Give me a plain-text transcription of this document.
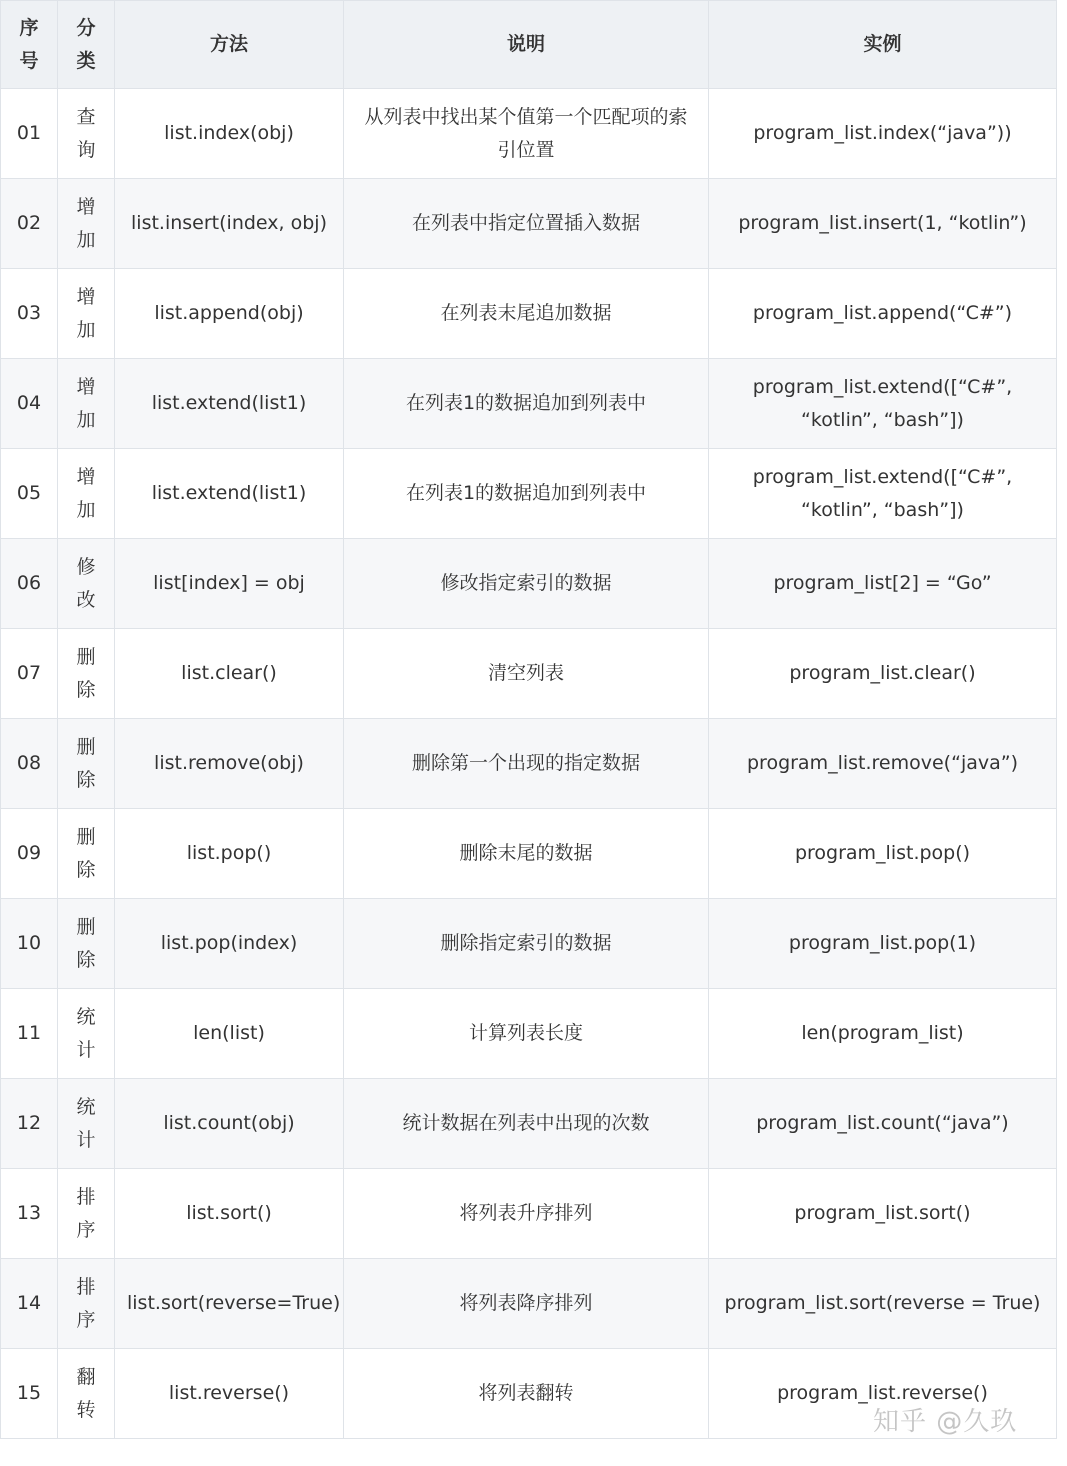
序号	分类	方法	说明	实例
01	查询	list.index(obj)	从列表中找出某个值第一个匹配项的索引位置	program_list.index(“java”))
02	增加	list.insert(index, obj)	在列表中指定位置插入数据	program_list.insert(1, “kotlin”)
03	增加	list.append(obj)	在列表末尾追加数据	program_list.append(“C#”)
04	增加	list.extend(list1)	在列表1的数据追加到列表中	program_list.extend([“C#”, “kotlin”, “bash”])
05	增加	list.extend(list1)	在列表1的数据追加到列表中	program_list.extend([“C#”, “kotlin”, “bash”])
06	修改	list[index] = obj	修改指定索引的数据	program_list[2] = “Go”
07	删除	list.clear()	清空列表	program_list.clear()
08	删除	list.remove(obj)	删除第一个出现的指定数据	program_list.remove(“java”)
09	删除	list.pop()	删除末尾的数据	program_list.pop()
10	删除	list.pop(index)	删除指定索引的数据	program_list.pop(1)
11	统计	len(list)	计算列表长度	len(program_list)
12	统计	list.count(obj)	统计数据在列表中出现的次数	program_list.count(“java”)
13	排序	list.sort()	将列表升序排列	program_list.sort()
14	排序	list.sort(reverse=True)	将列表降序排列	program_list.sort(reverse = True)
15	翻转	list.reverse()	将列表翻转	program_list.reverse()
知乎 @久玖
